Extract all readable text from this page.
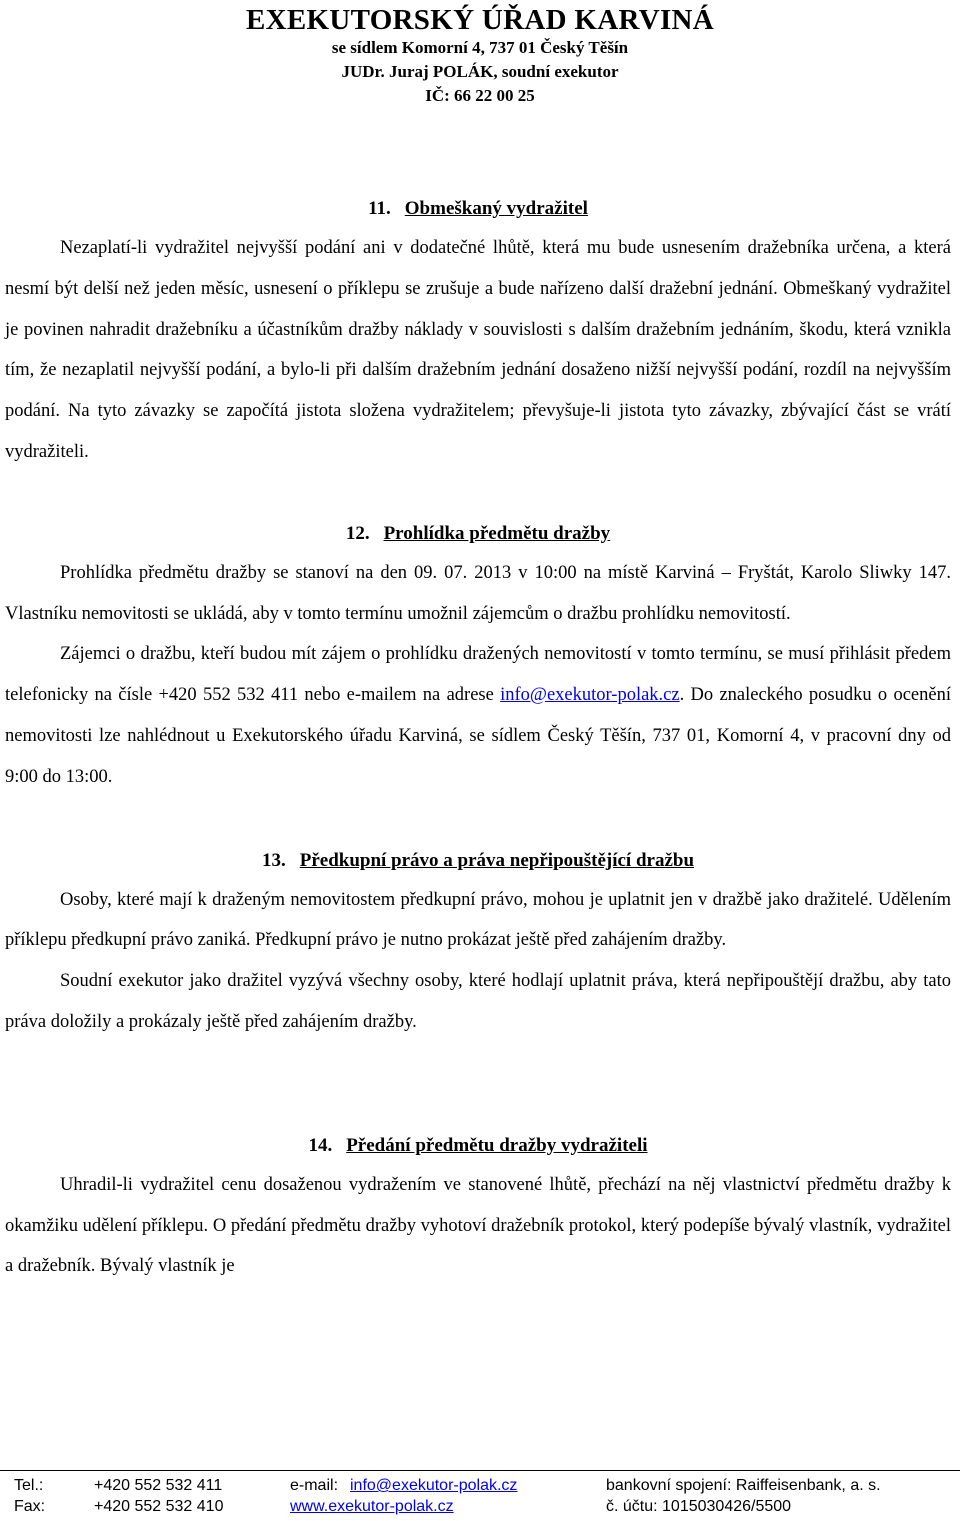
EXEKUTORSKÝ ÚŘAD KARVINÁ
se sídlem Komorní 4, 737 01 Český Těšín
JUDr. Juraj POLÁK, soudní exekutor
IČ: 66 22 00 25
11. Obmeškaný vydražitel

Nezaplatí-li vydražitel nejvyšší podání ani v dodatečné lhůtě, která mu bude usnesením dražebníka určena, a která nesmí být delší než jeden měsíc, usnesení o příklepu se zrušuje a bude nařízeno další dražební jednání. Obmeškaný vydražitel je povinen nahradit dražebníku a účastníkům dražby náklady v souvislosti s dalším dražebním jednáním, škodu, která vznikla tím, že nezaplatil nejvyšší podání, a bylo-li při dalším dražebním jednání dosaženo nižší nejvyšší podání, rozdíl na nejvyšším podání. Na tyto závazky se započítá jistota složena vydražitelem; převyšuje-li jistota tyto závazky, zbývající část se vrátí vydražiteli.

12. Prohlídka předmětu dražby

Prohlídka předmětu dražby se stanoví na den 09. 07. 2013 v 10:00 na místě Karviná – Fryštát, Karolo Sliwky 147. Vlastníku nemovitosti se ukládá, aby v tomto termínu umožnil zájemcům o dražbu prohlídku nemovitostí.

Zájemci o dražbu, kteří budou mít zájem o prohlídku dražených nemovitostí v tomto termínu, se musí přihlásit předem telefonicky na čísle +420 552 532 411 nebo e-mailem na adrese info@exekutor-polak.cz. Do znaleckého posudku o ocenění nemovitosti lze nahlédnout u Exekutorského úřadu Karviná, se sídlem Český Těšín, 737 01, Komorní 4, v pracovní dny od 9:00 do 13:00.

13. Předkupní právo a práva nepřipouštějící dražbu

Osoby, které mají k draženým nemovitostem předkupní právo, mohou je uplatnit jen v dražbě jako dražitelé. Udělením příklepu předkupní právo zaniká. Předkupní právo je nutno prokázat ještě před zahájením dražby.

Soudní exekutor jako dražitel vyzývá všechny osoby, které hodlají uplatnit práva, která nepřipouštějí dražbu, aby tato práva doložily a prokázaly ještě před zahájením dražby.

14. Předání předmětu dražby vydražiteli

Uhradil-li vydražitel cenu dosaženou vydražením ve stanovené lhůtě, přechází na něj vlastnictví předmětu dražby k okamžiku udělení příklepu. O předání předmětu dražby vyhotoví dražebník protokol, který podepíše bývalý vlastník, vydražitel a dražebník. Bývalý vlastník je

Tel.:	+420 552 532 411	e-mail: info@exekutor-polak.cz	bankovní spojení: Raiffeisenbank, a. s.
Fax:	+420 552 532 410	www.exekutor-polak.cz	č. účtu: 1015030426/5500
